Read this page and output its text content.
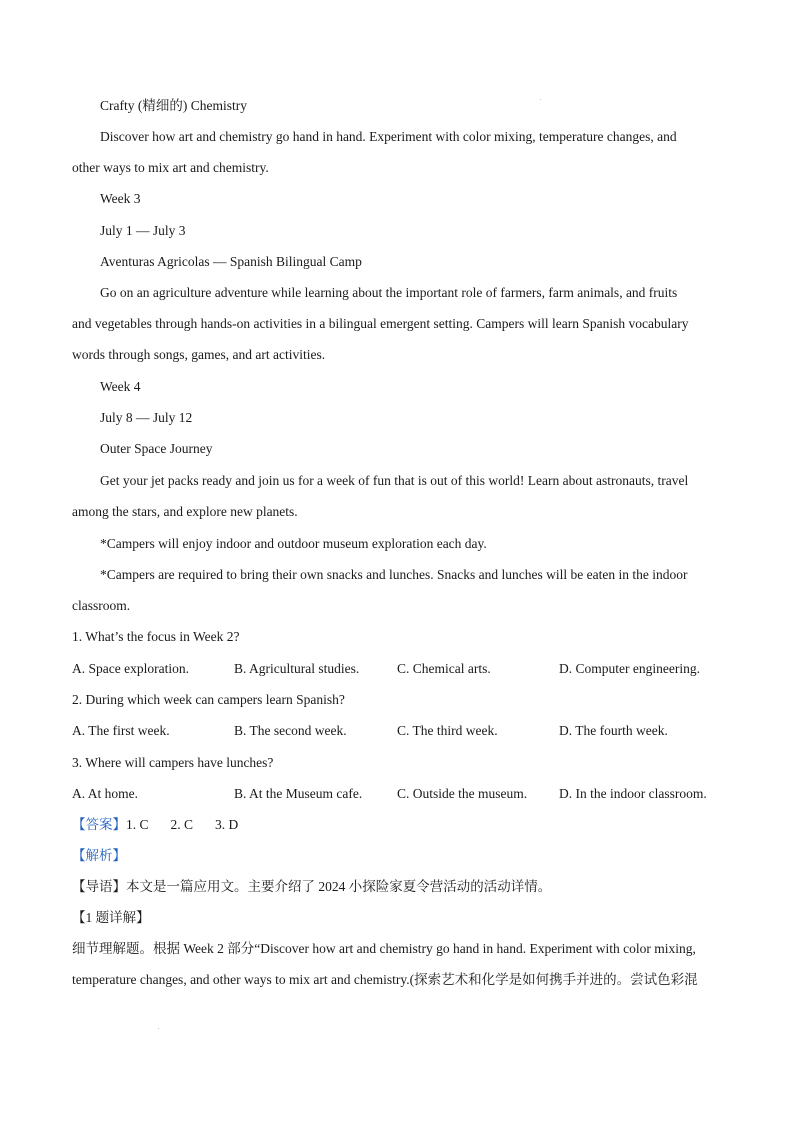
Crafty (精细的) Chemistry
Discover how art and chemistry go hand in hand. Experiment with color mixing, temperature changes, and
other ways to mix art and chemistry.
Week 3
July 1 — July 3
Aventuras Agricolas — Spanish Bilingual Camp
Go on an agriculture adventure while learning about the important role of farmers, farm animals, and fruits
and vegetables through hands-on activities in a bilingual emergent setting. Campers will learn Spanish vocabulary
words through songs, games, and art activities.
Week 4
July 8 — July 12
Outer Space Journey
Get your jet packs ready and join us for a week of fun that is out of this world! Learn about astronauts, travel
among the stars, and explore new planets.
*Campers will enjoy indoor and outdoor museum exploration each day.
*Campers are required to bring their own snacks and lunches. Snacks and lunches will be eaten in the indoor
classroom.
1. What’s the focus in Week 2?
A. Space exploration.	B. Agricultural studies.	C. Chemical arts.	D. Computer engineering.
2. During which week can campers learn Spanish?
A. The first week.	B. The second week.	C. The third week.	D. The fourth week.
3. Where will campers have lunches?
A. At home.	B. At the Museum cafe.	C. Outside the museum. D. In the indoor classroom.
【答案】1. C 2. C 3. D
【解析】
【导语】本文是一篇应用文。主要介绍了 2024 小探险家夏令营活动的活动详情。
【1 题详解】
细节理解题。根据 Week 2 部分“Discover how art and chemistry go hand in hand. Experiment with color mixing,
temperature changes, and other ways to mix art and chemistry.(探索艺术和化学是如何携手并进的。尝试色彩混
